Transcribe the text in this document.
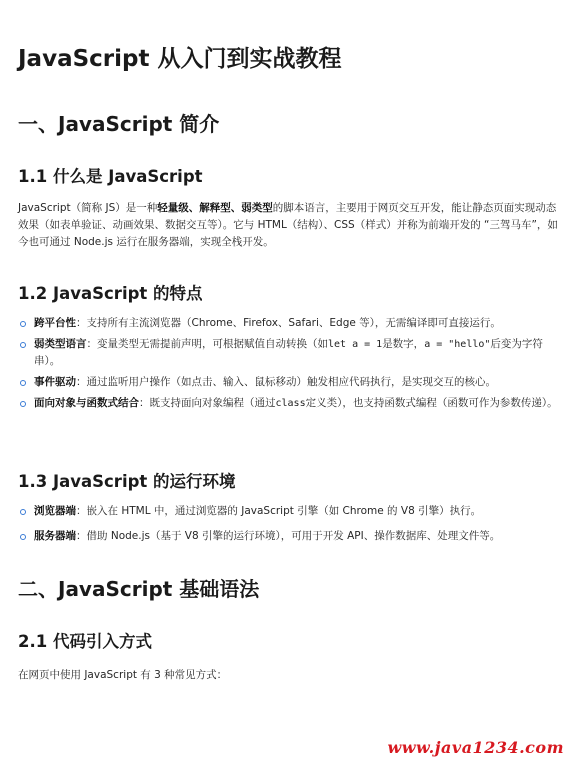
JavaScript 从入门到实战教程
一、JavaScript 简介
1.1 什么是 JavaScript

JavaScript（简称 JS）是一种轻量级、解释型、弱类型的脚本语言，主要用于网页交互开发，能让静态页面实现动态效果（如表单验证、动画效果、数据交互等）。它与 HTML（结构）、CSS（样式）并称为前端开发的 “三驾马车”，如今也可通过 Node.js 运行在服务器端，实现全栈开发。

1.2 JavaScript 的特点
跨平台性：支持所有主流浏览器（Chrome、Firefox、Safari、Edge 等），无需编译即可直接运行。
弱类型语言：变量类型无需提前声明，可根据赋值自动转换（如let a = 1是数字，a = "hello"后变为字符串）。
事件驱动：通过监听用户操作（如点击、输入、鼠标移动）触发相应代码执行，是实现交互的核心。
面向对象与函数式结合：既支持面向对象编程（通过class定义类），也支持函数式编程（函数可作为参数传递）。
1.3 JavaScript 的运行环境
浏览器端：嵌入在 HTML 中，通过浏览器的 JavaScript 引擎（如 Chrome 的 V8 引擎）执行。
服务器端：借助 Node.js（基于 V8 引擎的运行环境），可用于开发 API、操作数据库、处理文件等。
二、JavaScript 基础语法
2.1 代码引入方式

在网页中使用 JavaScript 有 3 种常见方式：

www.java1234.com
